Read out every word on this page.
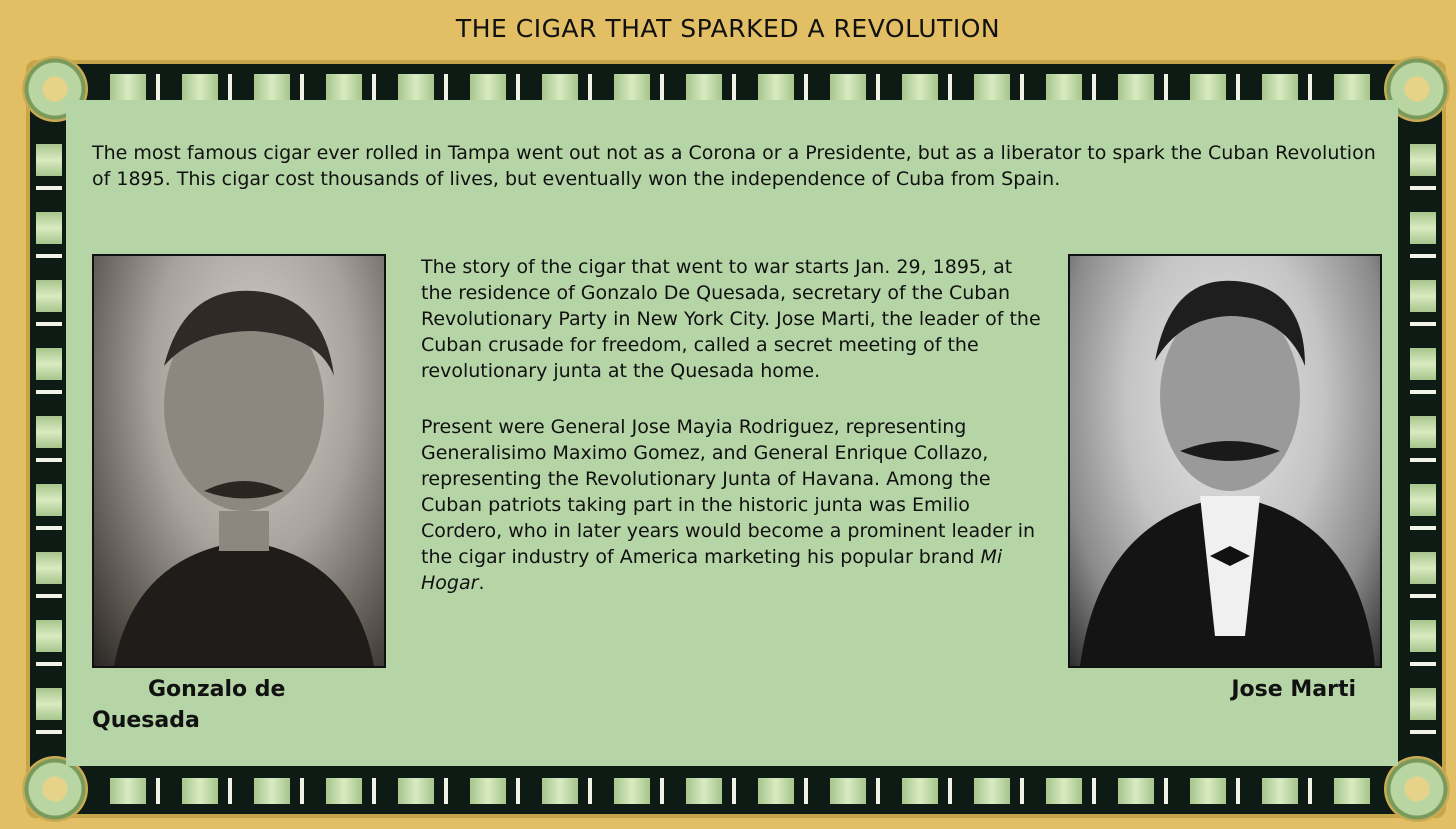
THE CIGAR THAT SPARKED A REVOLUTION

The most famous cigar ever rolled in Tampa went out not as a Corona or a Presidente, but as a liberator to spark the Cuban Revolution of 1895. This cigar cost thousands of lives, but eventually won the independence of Cuba from Spain.

The story of the cigar that went to war starts Jan. 29, 1895, at the residence of Gonzalo De Quesada, secretary of the Cuban Revolutionary Party in New York City. Jose Marti, the leader of the Cuban crusade for freedom, called a secret meeting of the revolutionary junta at the Quesada home.

Present were General Jose Mayia Rodriguez, representing Generalisimo Maximo Gomez, and General Enrique Collazo, representing the Revolutionary Junta of Havana. Among the Cuban patriots taking part in the historic junta was Emilio Cordero, who in later years would become a prominent leader in the cigar industry of America marketing his popular brand Mi Hogar.

Gonzalo de Quesada

Jose Marti
